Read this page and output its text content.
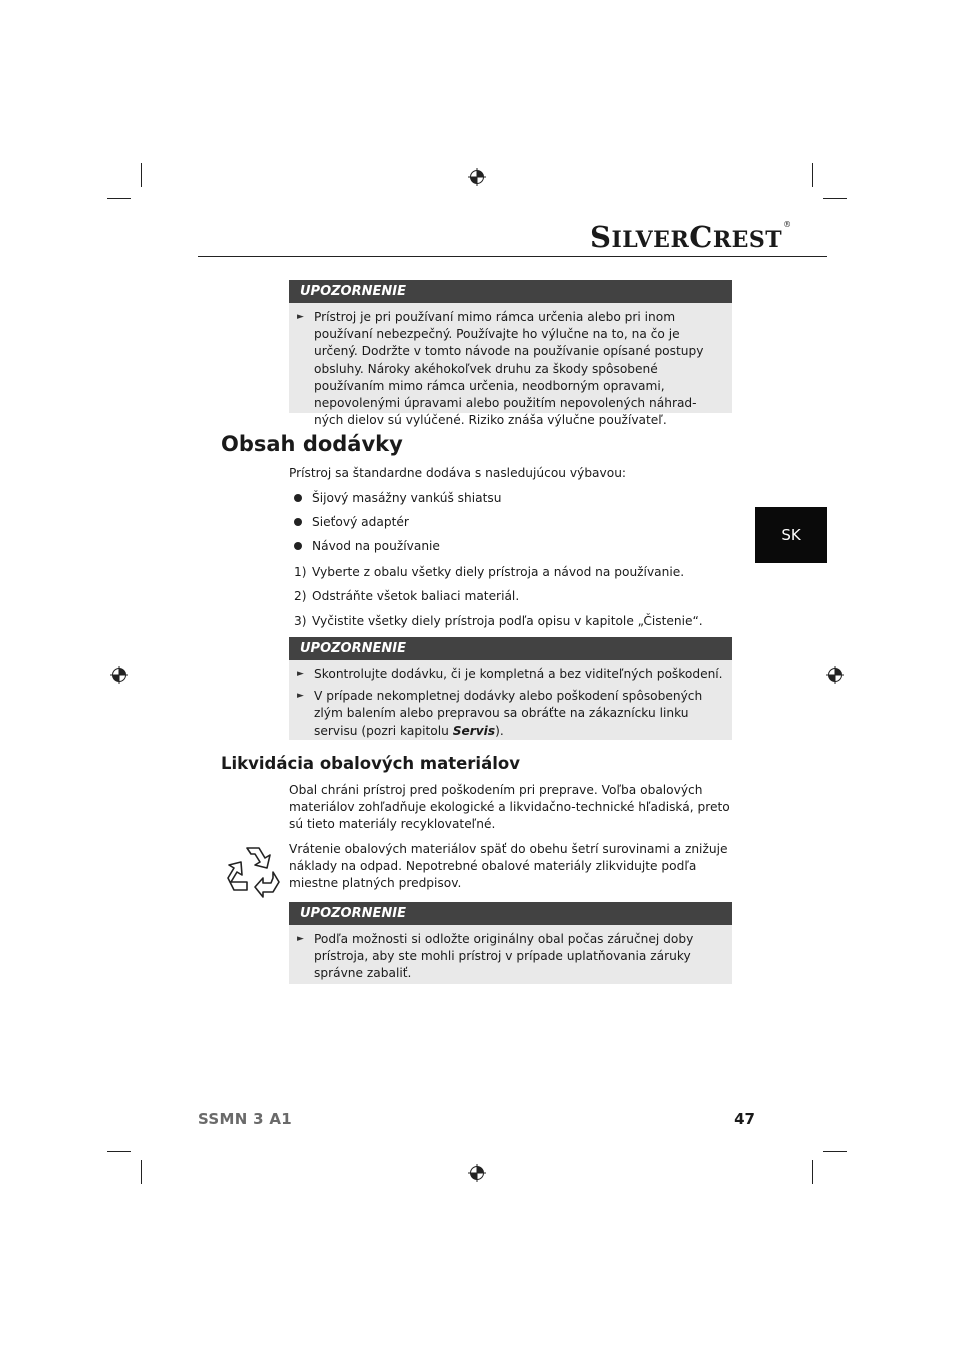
SILVERCREST®
UPOZORNENIE
► Prístroj je pri používaní mimo rámca určenia alebo pri inom používaní nebezpečný. Používajte ho výlučne na to, na čo je určený. Dodržte v tomto návode na používanie opísané postupy obsluhy. Nároky akéhokoľvek druhu za škody spôsobené používaním mimo rámca určenia, neodborným opravami, nepovolenými úpravami alebo použitím nepovolených náhrad-ných dielov sú vylúčené. Riziko znáša výlučne používateľ.
Obsah dodávky
Prístroj sa štandardne dodáva s nasledujúcou výbavou:
Šijový masážny vankúš shiatsu
Sieťový adaptér
Návod na používanie
1) Vyberte z obalu všetky diely prístroja a návod na používanie.
2) Odstráňte všetok baliaci materiál.
3) Vyčistite všetky diely prístroja podľa opisu v kapitole „Čistenie“.
UPOZORNENIE
► Skontrolujte dodávku, či je kompletná a bez viditeľných poškodení.
► V prípade nekompletnej dodávky alebo poškodení spôsobených zlým balením alebo prepravou sa obráťte na zákaznícku linku servisu (pozri kapitolu Servis).
Likvidácia obalových materiálov
Obal chráni prístroj pred poškodením pri preprave. Voľba obalových materiálov zohľadňuje ekologické a likvidačno-technické hľadiská, preto sú tieto materiály recyklovateľné.
Vrátenie obalových materiálov späť do obehu šetrí surovinami a znižuje náklady na odpad. Nepotrebné obalové materiály zlikvidujte podľa miestne platných predpisov.
UPOZORNENIE
► Podľa možnosti si odložte originálny obal počas záručnej doby prístroja, aby ste mohli prístroj v prípade uplatňovania záruky správne zabaliť.
SK
SSMN 3 A1	47
